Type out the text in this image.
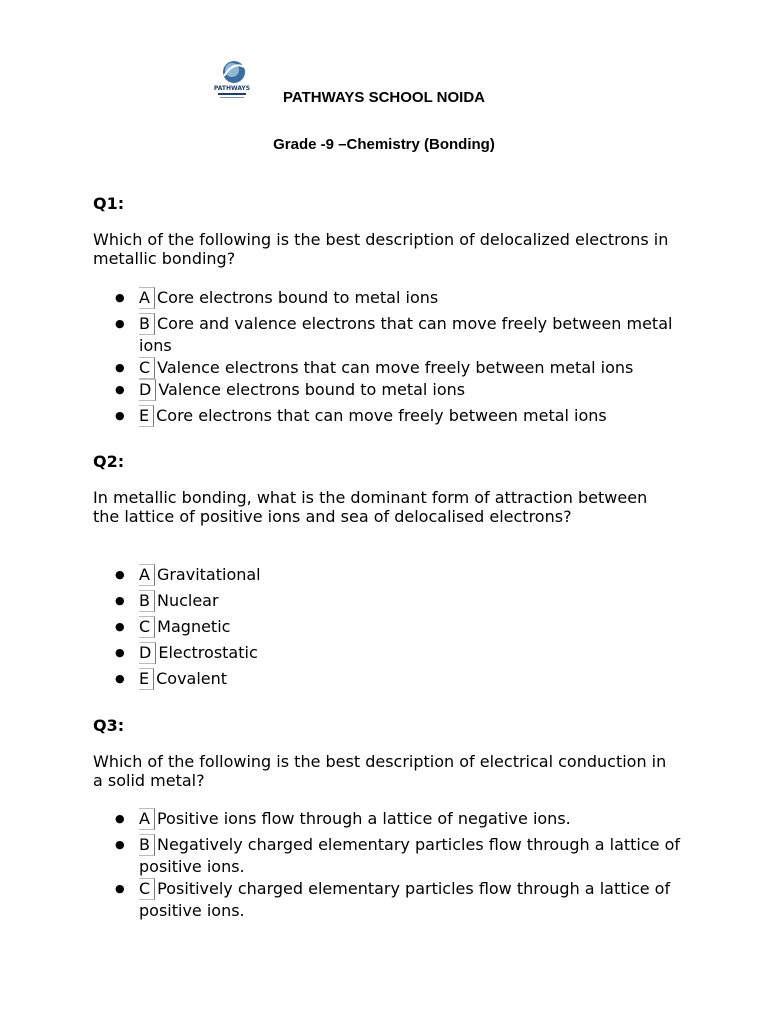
PATHWAYS
PATHWAYS SCHOOL NOIDA
Grade -9 –Chemistry (Bonding)
Q1:
Which of the following is the best description of delocalized electrons in metallic bonding?
● A Core electrons bound to metal ions
● B Core and valence electrons that can move freely between metal ions
● C Valence electrons that can move freely between metal ions
● D Valence electrons bound to metal ions
● E Core electrons that can move freely between metal ions
Q2:
In metallic bonding, what is the dominant form of attraction between the lattice of positive ions and sea of delocalised electrons?
● A Gravitational
● B Nuclear
● C Magnetic
● D Electrostatic
● E Covalent
Q3:
Which of the following is the best description of electrical conduction in a solid metal?
● A Positive ions flow through a lattice of negative ions.
● B Negatively charged elementary particles flow through a lattice of positive ions.
● C Positively charged elementary particles flow through a lattice of positive ions.
